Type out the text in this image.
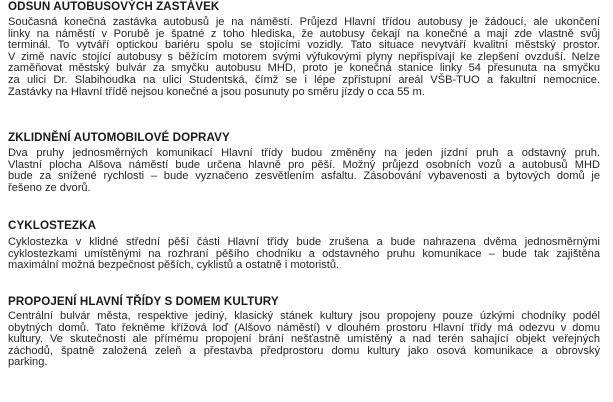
ODSUN AUTOBUSOVÝCH ZASTÁVEK
Současná konečná zastávka autobusů je na náměstí. Průjezd Hlavní třídou autobusy je žádoucí, ale ukončení
linky na náměstí v Porubě je špatné z toho hlediska, že autobusy čekají na konečné a mají zde vlastně svůj
terminál. To vytváří optickou bariéru spolu se stojícími vozidly. Tato situace nevytváří kvalitní městský prostor.
V zimě navíc stojící autobusy s běžícím motorem svými výfukovými plyny nepřispívají ke zlepšení ovzduší. Nelze
zaměňovat městský bulvár za smyčku autobusu MHD, proto je konečná stanice linky 54 přesunuta na smyčku
za ulici Dr. Slabihoudka na ulici Studentská, čímž se i lépe zpřístupní areál VŠB-TUO a fakultní nemocnice.
Zastávky na Hlavní třídě nejsou konečné a jsou posunuty po směru jízdy o cca 55 m.
ZKLIDNĚNÍ AUTOMOBILOVÉ DOPRAVY
Dva pruhy jednosměrných komunikací Hlavní třídy budou změněny na jeden jízdní pruh a odstavný pruh.
Vlastní plocha Alšova náměstí bude určena hlavně pro pěší. Možný průjezd osobních vozů a autobusů MHD
bude za snížené rychlosti – bude vyznačeno zesvětlením asfaltu. Zásobování vybavenosti a bytových domů je
řešeno ze dvorů.
CYKLOSTEZKA
Cyklostezka v klidné střední pěší části Hlavní třídy bude zrušena a bude nahrazena dvěma jednosměrnými
cyklostezkami umístěnými na rozhraní pěšího chodníku a odstavného pruhu komunikace – bude tak zajištěna
maximální možná bezpečnost pěších, cyklistů a ostatně i motoristů.
PROPOJENÍ HLAVNÍ TŘÍDY S DOMEM KULTURY
Centrální bulvár města, respektive jediný, klasický stánek kultury jsou propojeny pouze úzkými chodníky podél
obytných domů. Tato řekněme křížová loď (Alšovo náměstí) v dlouhém prostoru Hlavní třídy má odezvu v domu
kultury. Ve skutečnosti ale přímému propojení brání nešťastně umístěný a nad terén sahající objekt veřejných
záchodů, špatně založená zeleň a přestavba předprostoru domu kultury jako osová komunikace a obrovský
parking.
